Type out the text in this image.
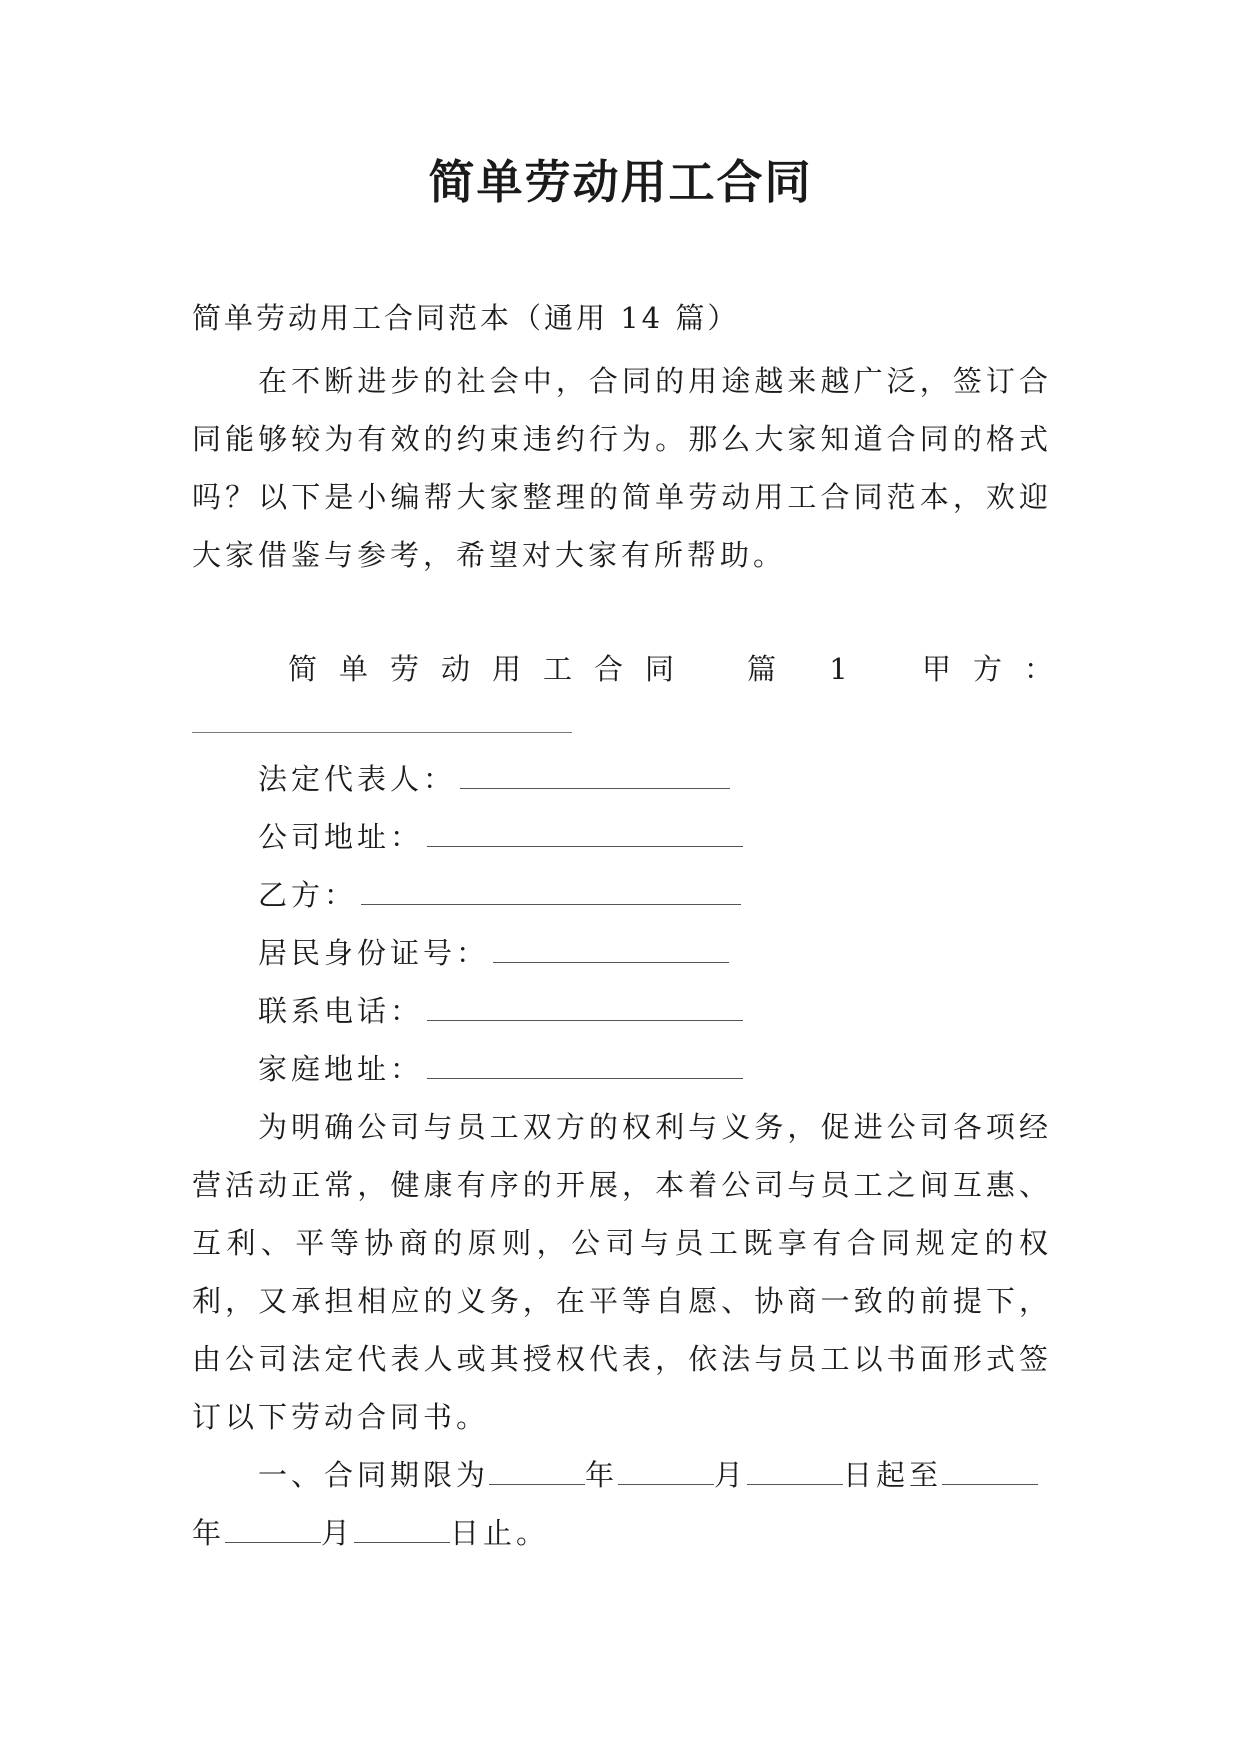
简单劳动用工合同
简单劳动用工合同范本（通用 14 篇）

在不断进步的社会中，合同的用途越来越广泛，签订合同能够较为有效的约束违约行为。那么大家知道合同的格式吗？以下是小编帮大家整理的简单劳动用工合同范本，欢迎大家借鉴与参考，希望对大家有所帮助。

简单劳动用工合同　篇 1 甲方：
法定代表人：
公司地址：
乙方：
居民身份证号：
联系电话：
家庭地址：

为明确公司与员工双方的权利与义务，促进公司各项经营活动正常，健康有序的开展，本着公司与员工之间互惠、互利、平等协商的原则，公司与员工既享有合同规定的权利，又承担相应的义务，在平等自愿、协商一致的前提下，由公司法定代表人或其授权代表，依法与员工以书面形式签订以下劳动合同书。

一、合同期限为	年	月	日起至年	月	日止。
